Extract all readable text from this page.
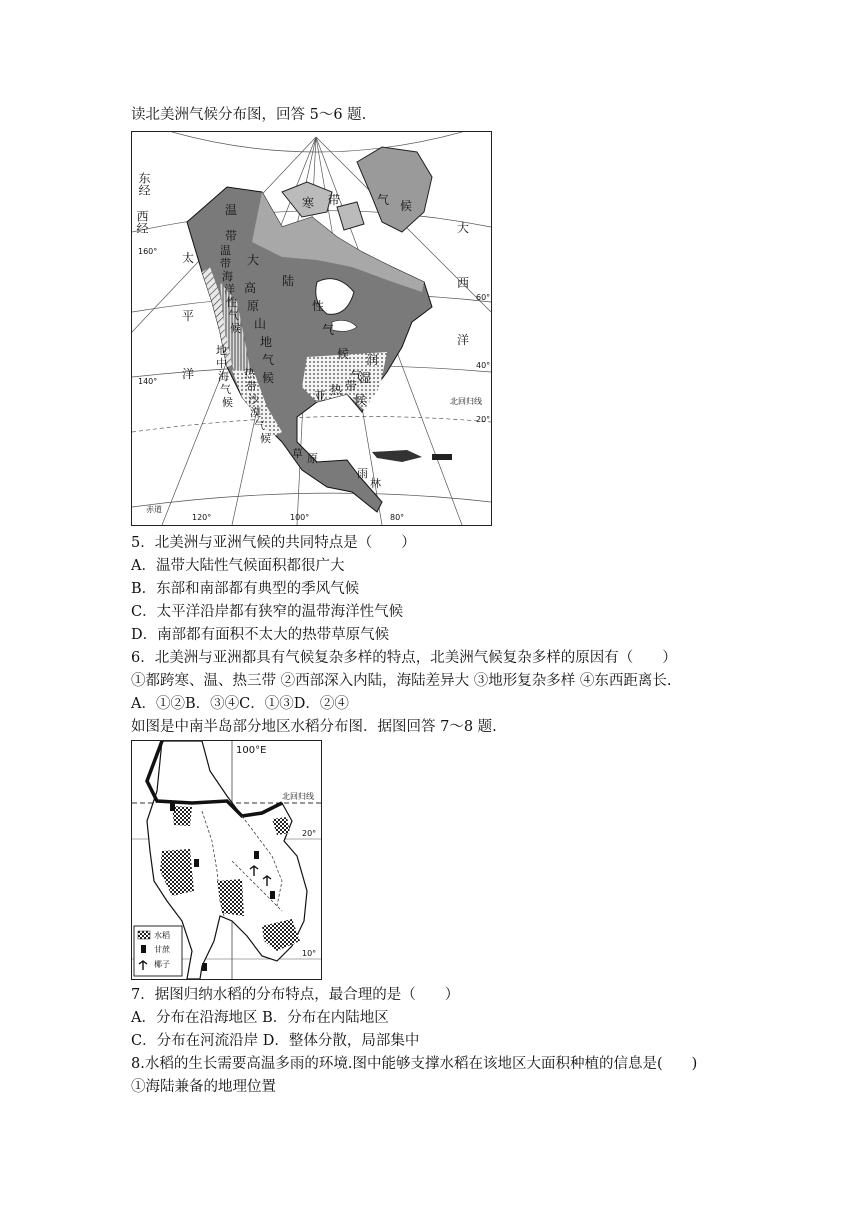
读北美洲气候分布图，回答 5～6 题.
东经
西经
太
平
洋
大
西
洋
寒 带	气 候
温
带
大
陆
性
气
候
温
带
海
洋
性
气
候
高
原
山
地
气
候
地
中
海
气
候
热
带
沙
漠
气
候
亚 热 带
湿
润
气
候
草 原
雨
林
北回归线
赤道
80°
100°
120°
140°
160°
20°
40°
60°
5．北美洲与亚洲气候的共同特点是（　　）
A．温带大陆性气候面积都很广大
B．东部和南部都有典型的季风气候
C．太平洋沿岸都有狭窄的温带海洋性气候
D．南部都有面积不太大的热带草原气候
6．北美洲与亚洲都具有气候复杂多样的特点，北美洲气候复杂多样的原因有（　　）
①都跨寒、温、热三带 ②西部深入内陆，海陆差异大 ③地形复杂多样 ④东西距离长.
A．①②B．③④C．①③D．②④
如图是中南半岛部分地区水稻分布图．据图回答 7～8 题.
水稻
甘蔗
椰子
100°E
北回归线
20°
10°
7．据图归纳水稻的分布特点，最合理的是（　　）
A．分布在沿海地区 B．分布在内陆地区
C．分布在河流沿岸 D．整体分散，局部集中
8.水稻的生长需要高温多雨的环境.图中能够支撑水稻在该地区大面积种植的信息是(　　)
①海陆兼备的地理位置
